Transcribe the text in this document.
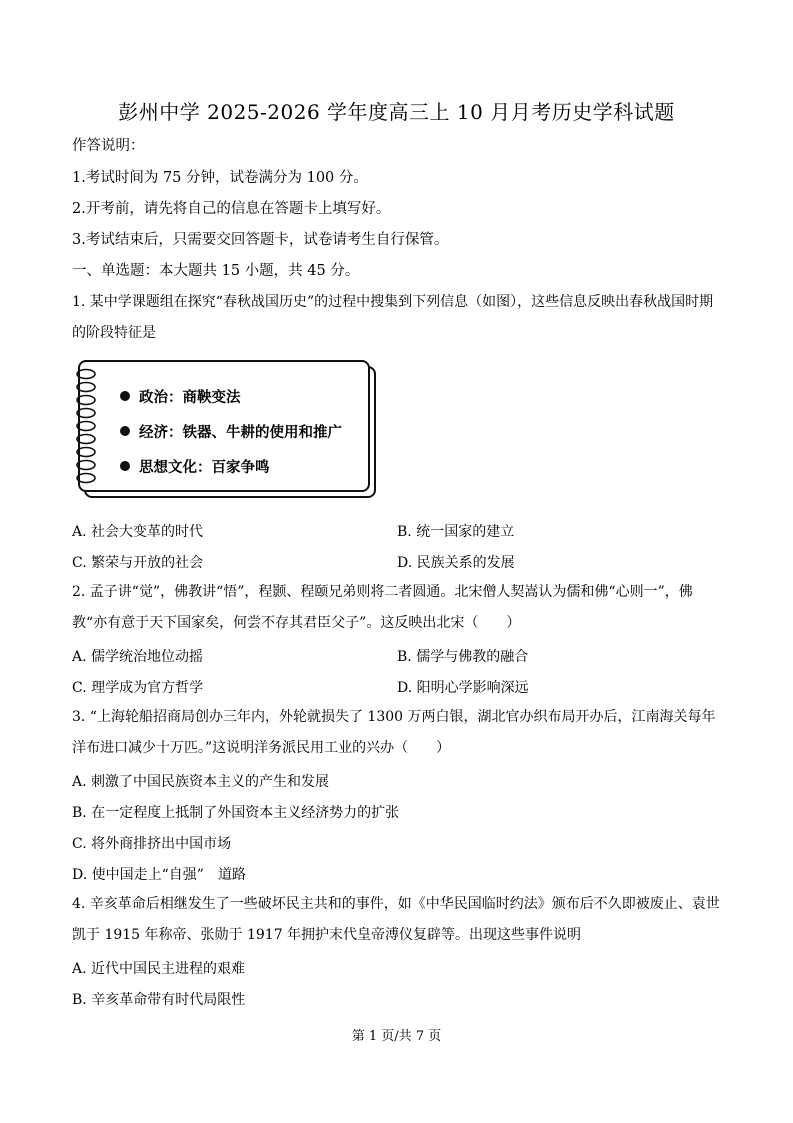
彭州中学 2025-2026 学年度高三上 10 月月考历史学科试题
作答说明：
1.考试时间为 75 分钟，试卷满分为 100 分。
2.开考前，请先将自己的信息在答题卡上填写好。
3.考试结束后，只需要交回答题卡，试卷请考生自行保管。
一、单选题：本大题共 15 小题，共 45 分。
1. 某中学课题组在探究“春秋战国历史”的过程中搜集到下列信息（如图），这些信息反映出春秋战国时期的阶段特征是
政治：商鞅变法
经济：铁器、牛耕的使用和推广
思想文化：百家争鸣
A. 社会大变革的时代	B. 统一国家的建立
C. 繁荣与开放的社会	D. 民族关系的发展
2. 孟子讲“觉”，佛教讲“悟”，程颢、程颐兄弟则将二者圆通。北宋僧人契嵩认为儒和佛“心则一”，佛教“亦有意于天下国家矣，何尝不存其君臣父子”。这反映出北宋（　　）
A. 儒学统治地位动摇	B. 儒学与佛教的融合
C. 理学成为官方哲学	D. 阳明心学影响深远
3. “上海轮船招商局创办三年内，外轮就损失了 1300 万两白银，湖北官办织布局开办后，江南海关每年洋布进口减少十万匹。”这说明洋务派民用工业的兴办（　　）
A. 刺激了中国民族资本主义的产生和发展
B. 在一定程度上抵制了外国资本主义经济势力的扩张
C. 将外商排挤出中国市场
D. 使中国走上“自强”　道路
4. 辛亥革命后相继发生了一些破坏民主共和的事件，如《中华民国临时约法》颁布后不久即被废止、袁世凯于 1915 年称帝、张勋于 1917 年拥护末代皇帝溥仪复辟等。出现这些事件说明
A. 近代中国民主进程的艰难
B. 辛亥革命带有时代局限性
第 1 页/共 7 页
